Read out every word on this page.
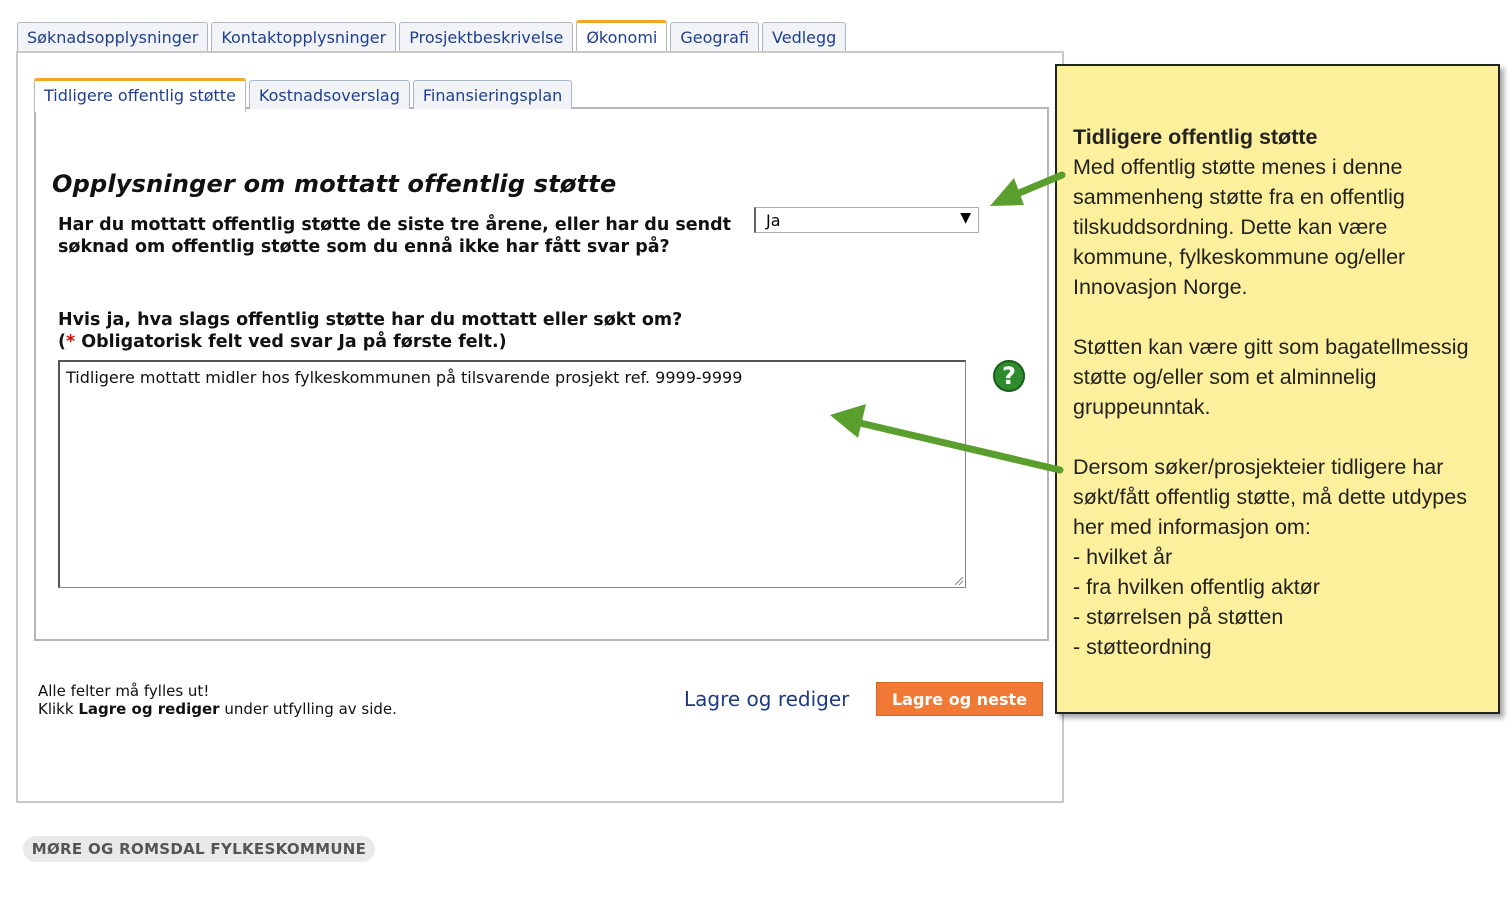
Søknadsopplysninger	Kontaktopplysninger	Prosjektbeskrivelse	Økonomi	Geografi	Vedlegg
Tidligere offentlig støtte	Kostnadsoverslag	Finansieringsplan
Opplysninger om mottatt offentlig støtte
Har du mottatt offentlig støtte de siste tre årene, eller har du sendt søknad om offentlig støtte som du ennå ikke har fått svar på?
Ja	▼
Hvis ja, hva slags offentlig støtte har du mottatt eller søkt om?
(* Obligatorisk felt ved svar Ja på første felt.)
Tidligere mottatt midler hos fylkeskommunen på tilsvarende prosjekt ref. 9999-9999	?
Alle felter må fylles ut!
Klikk Lagre og rediger under utfylling av side.	Lagre og rediger	Lagre og neste
MØRE OG ROMSDAL FYLKESKOMMUNE
Tidligere offentlig støtte

Med offentlig støtte menes i denne sammenheng støtte fra en offentlig tilskuddsordning. Dette kan være kommune, fylkeskommune og/eller Innovasjon Norge.

Støtten kan være gitt som bagatellmessig støtte og/eller som et alminnelig gruppeunntak.

Dersom søker/prosjekteier tidligere har søkt/fått offentlig støtte, må dette utdypes her med informasjon om:
- hvilket år
- fra hvilken offentlig aktør
- størrelsen på støtten
- støtteordning
